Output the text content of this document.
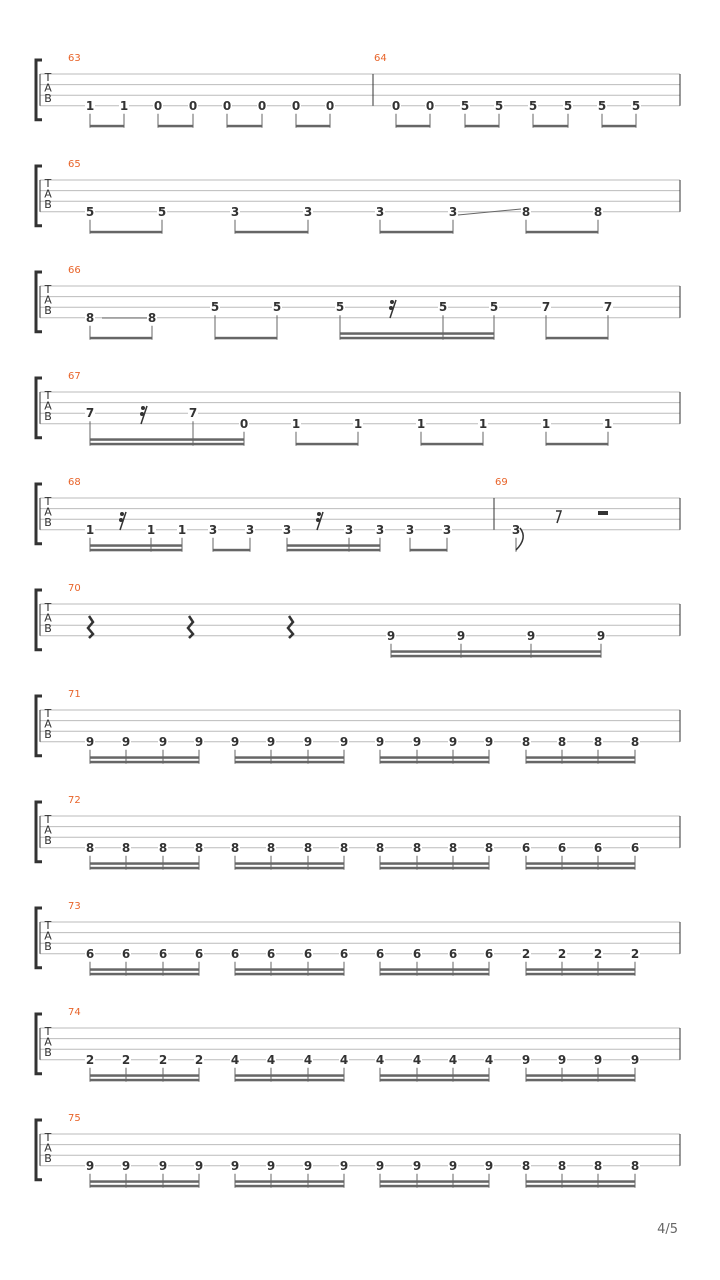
T
A
B
63	64
1 1 0 0 0 0 0 0	0 0 5 5 5 5 5 5
T
A
B
65
5	5	3	3	3	3	8	8
T
A
B
66
8	8
5	5	5	5	5	7	7
T
A
B
67
7	7
0	1	1	1	1	1	1
T
A
B
68	69
1	1 1 3 3 3	3 3 3 3	3
T
A
B
70
9	9	9	9
T
A
B
71
9 9 9 9 9 9 9 9 9 9 9 9 8 8 8 8
T
A
B
72
8 8 8 8 8 8 8 8 8 8 8 8 6 6 6 6
T
A
B
73
6 6 6 6 6 6 6 6 6 6 6 6 2 2 2 2
T
A
B
74
2 2 2 2 4 4 4 4 4 4 4 4 9 9 9 9
T
A
B
75
9 9 9 9 9 9 9 9 9 9 9 9 8 8 8 8
4/5
